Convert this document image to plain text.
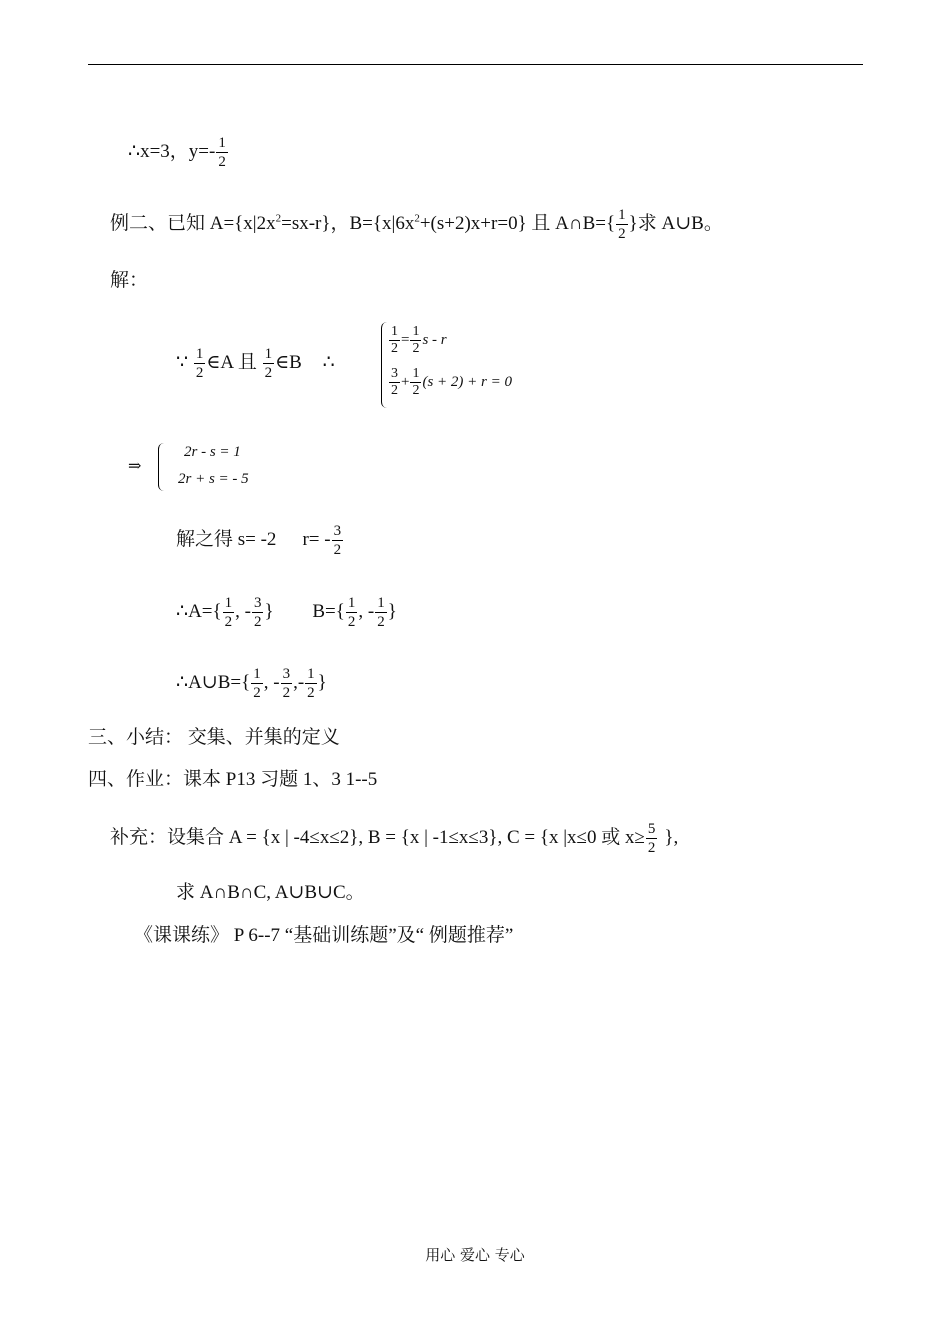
∴x=3，$y=- \frac{1}{2}$
例二、已知 $A=\{x|2x^2=sx-r\}$，$B=\{x|6x^2+(s+2)x+r=0\}$ 且 A∩B={ $\frac{1}{2}$ }求 A∪B。
解：
∵ $\frac{1}{2}$ ∈A 且 $\frac{1}{2}$ ∈B ∴
$\frac{1}{2} = \frac{1}{2}$ s - r
$\frac{3}{2} + \frac{1}{2} (s + 2) + r = 0$
⇒
2r - s = 1
2r + s = - 5
解之得 s= -2 $r= - \frac{3}{2}$
∴A={ $\frac{1}{2}$ , - $\frac{3}{2}$ } $B=\{ \frac{1}{2}$ , - $\frac{1}{2}$ }
∴A∪B={ $\frac{1}{2}$ , - $\frac{3}{2}$ ,- $\frac{1}{2}$ }
三、小结： 交集、并集的定义
四、作业：课本 P13 习题 1、3 1--5
补充：设集合 A = {x | -4≤x≤2}, B = {x | -1≤x≤3}, C = {x |x≤0 或 $x\ge \frac{5}{2}$ },
求 A∩B∩C, A∪B∪C。
《课课练》 P 6--7 “基础训练题”及“ 例题推荐”
用心 爱心 专心
